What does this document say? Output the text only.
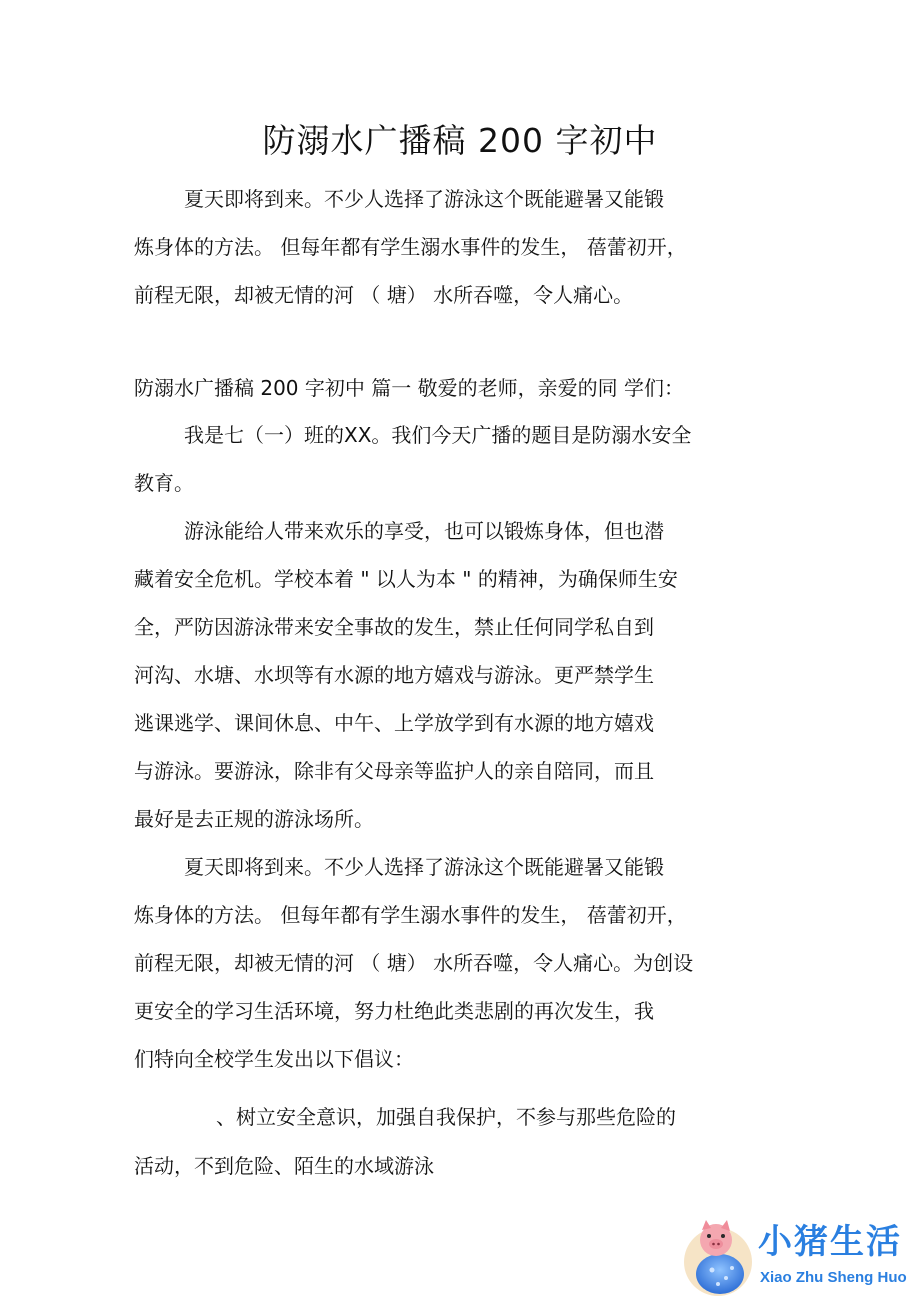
防溺水广播稿 200 字初中
夏天即将到来。不少人选择了游泳这个既能避暑又能锻
炼身体的方法。 但每年都有学生溺水事件的发生， 蓓蕾初开，
前程无限，却被无情的河 （ 塘） 水所吞噬，令人痛心。
防溺水广播稿 200 字初中 篇一 敬爱的老师，亲爱的同 学们：
我是七（一）班的XX。我们今天广播的题目是防溺水安全
教育。
游泳能给人带来欢乐的享受，也可以锻炼身体，但也潜
藏着安全危机。学校本着 " 以人为本 " 的精神，为确保师生安
全，严防因游泳带来安全事故的发生，禁止任何同学私自到
河沟、水塘、水坝等有水源的地方嬉戏与游泳。更严禁学生
逃课逃学、课间休息、中午、上学放学到有水源的地方嬉戏
与游泳。要游泳，除非有父母亲等监护人的亲自陪同，而且
最好是去正规的游泳场所。
夏天即将到来。不少人选择了游泳这个既能避暑又能锻
炼身体的方法。 但每年都有学生溺水事件的发生， 蓓蕾初开，
前程无限，却被无情的河 （ 塘） 水所吞噬，令人痛心。为创设
更安全的学习生活环境，努力杜绝此类悲剧的再次发生，我
们特向全校学生发出以下倡议：
、树立安全意识，加强自我保护，不参与那些危险的
活动，不到危险、陌生的水域游泳
小猪生活
Xiao Zhu Sheng Huo
